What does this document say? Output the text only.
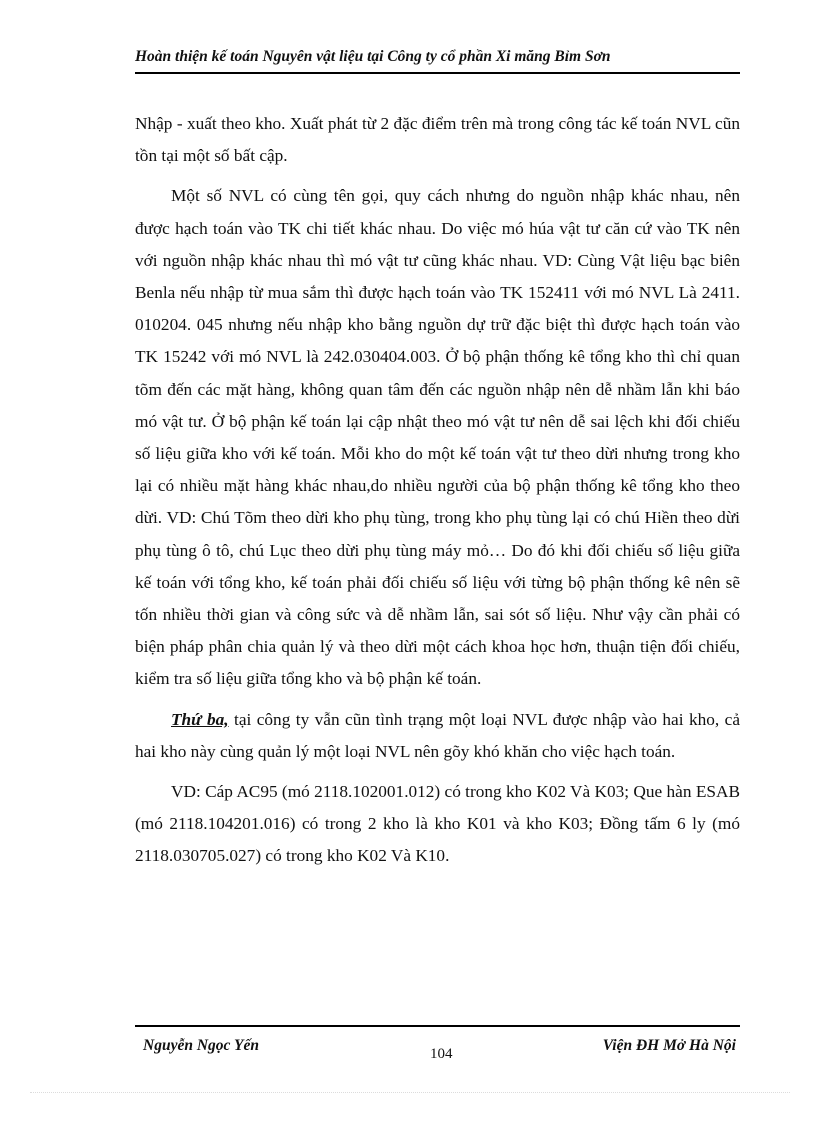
Hoàn thiện kế toán Nguyên vật liệu tại Công ty cổ phần Xi măng Bỉm Sơn

Nhập - xuất theo kho. Xuất phát từ 2 đặc điểm trên mà trong công tác kế toán NVL cũn tồn tại một số bất cập.

Một số NVL có cùng tên gọi, quy cách nhưng do nguồn nhập khác nhau, nên được hạch toán vào TK chi tiết khác nhau. Do việc mó húa vật tư căn cứ vào TK nên với nguồn nhập khác nhau thì mó vật tư cũng khác nhau. VD: Cùng Vật liệu bạc biên Benla nếu nhập từ mua sắm thì được hạch toán vào TK 152411 với mó NVL Là 2411. 010204. 045 nhưng nếu nhập kho bằng nguồn dự trữ đặc biệt thì được hạch toán vào TK 15242 với mó NVL là 242.030404.003. Ở bộ phận thống kê tổng kho thì chỉ quan tõm đến các mặt hàng, không quan tâm đến các nguồn nhập nên dễ nhầm lẫn khi báo mó vật tư. Ở bộ phận kế toán lại cập nhật theo mó vật tư nên dễ sai lệch khi đối chiếu số liệu giữa kho với kế toán. Mỗi kho do một kế toán vật tư theo dừi nhưng trong kho lại có nhiều mặt hàng khác nhau,do nhiều người của bộ phận thống kê tổng kho theo dừi. VD: Chú Tõm theo dừi kho phụ tùng, trong kho phụ tùng lại có chú Hiền theo dừi phụ tùng ô tô, chú Lục theo dừi phụ tùng máy mỏ… Do đó khi đối chiếu số liệu giữa kế toán với tổng kho, kế toán phải đối chiếu số liệu với từng bộ phận thống kê nên sẽ tốn nhiều thời gian và công sức và dễ nhầm lẫn, sai sót số liệu. Như vậy cần phải có biện pháp phân chia quản lý và theo dừi một cách khoa học hơn, thuận tiện đối chiếu, kiểm tra số liệu giữa tổng kho và bộ phận kế toán.

Thứ ba, tại công ty vẫn cũn tình trạng một loại NVL được nhập vào hai kho, cả hai kho này cùng quản lý một loại NVL nên gõy khó khăn cho việc hạch toán.

VD: Cáp AC95 (mó 2118.102001.012) có trong kho K02 Và K03; Que hàn ESAB (mó 2118.104201.016) có trong 2 kho là kho K01 và kho K03; Đồng tấm 6 ly (mó 2118.030705.027) có trong kho K02 Và K10.

Nguyễn Ngọc Yến	104	Viện ĐH Mở Hà Nội
